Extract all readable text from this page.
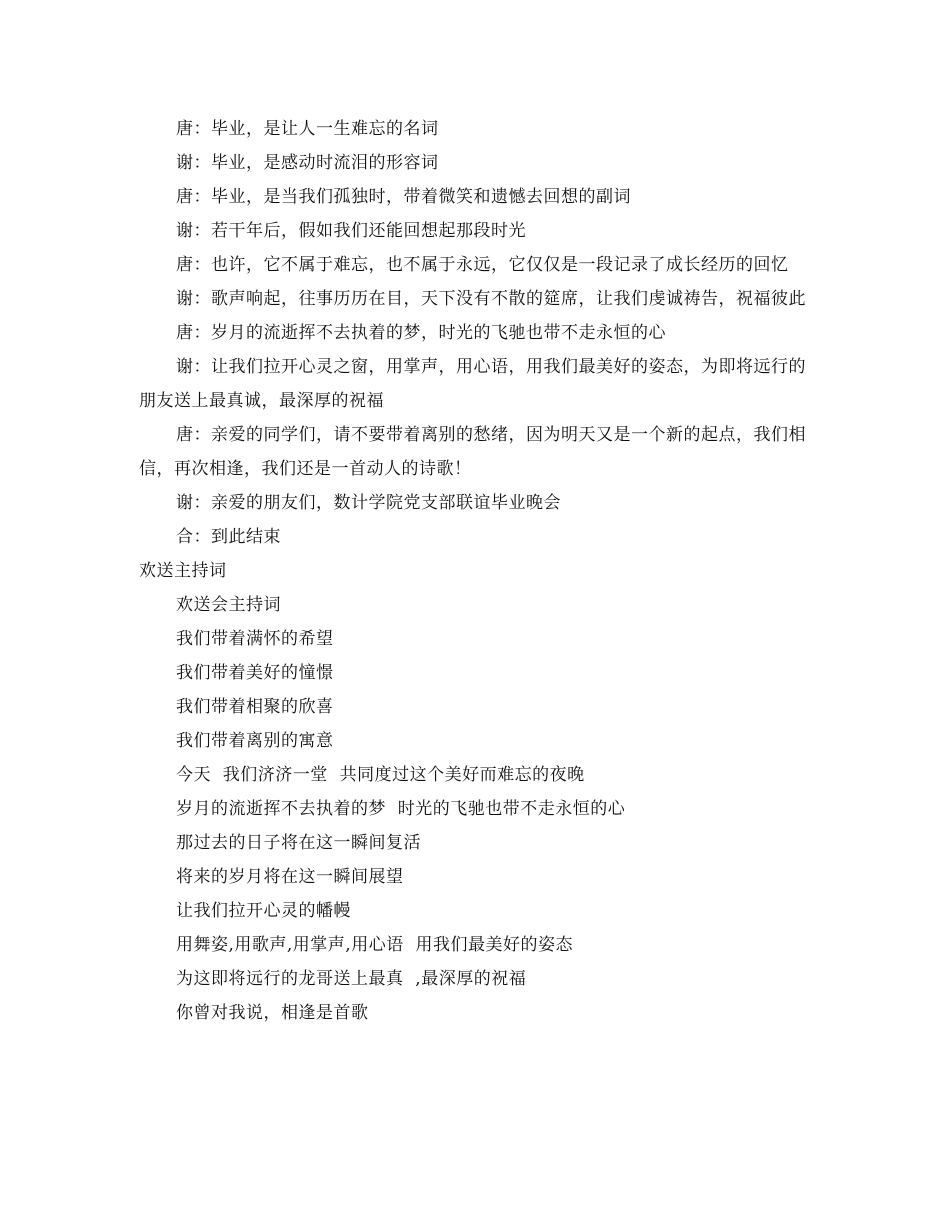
唐：毕业，是让人一生难忘的名词

谢：毕业，是感动时流泪的形容词

唐：毕业，是当我们孤独时，带着微笑和遗憾去回想的副词

谢：若干年后，假如我们还能回想起那段时光

唐：也许，它不属于难忘，也不属于永远，它仅仅是一段记录了成长经历的回忆

谢：歌声响起，往事历历在目，天下没有不散的筵席，让我们虔诚祷告，祝福彼此

唐：岁月的流逝挥不去执着的梦，时光的飞驰也带不走永恒的心

谢：让我们拉开心灵之窗，用掌声，用心语，用我们最美好的姿态，为即将远行的朋友送上最真诚，最深厚的祝福

唐：亲爱的同学们，请不要带着离别的愁绪，因为明天又是一个新的起点，我们相信，再次相逢，我们还是一首动人的诗歌！

谢：亲爱的朋友们，数计学院党支部联谊毕业晚会

合：到此结束

欢送主持词

欢送会主持词

我们带着满怀的希望

我们带着美好的憧憬

我们带着相聚的欣喜

我们带着离别的寓意

今天  我们济济一堂  共同度过这个美好而难忘的夜晚

岁月的流逝挥不去执着的梦  时光的飞驰也带不走永恒的心

那过去的日子将在这一瞬间复活

将来的岁月将在这一瞬间展望

让我们拉开心灵的幡幔

用舞姿,用歌声,用掌声,用心语  用我们最美好的姿态

为这即将远行的龙哥送上最真  ,最深厚的祝福

你曾对我说，相逢是首歌
